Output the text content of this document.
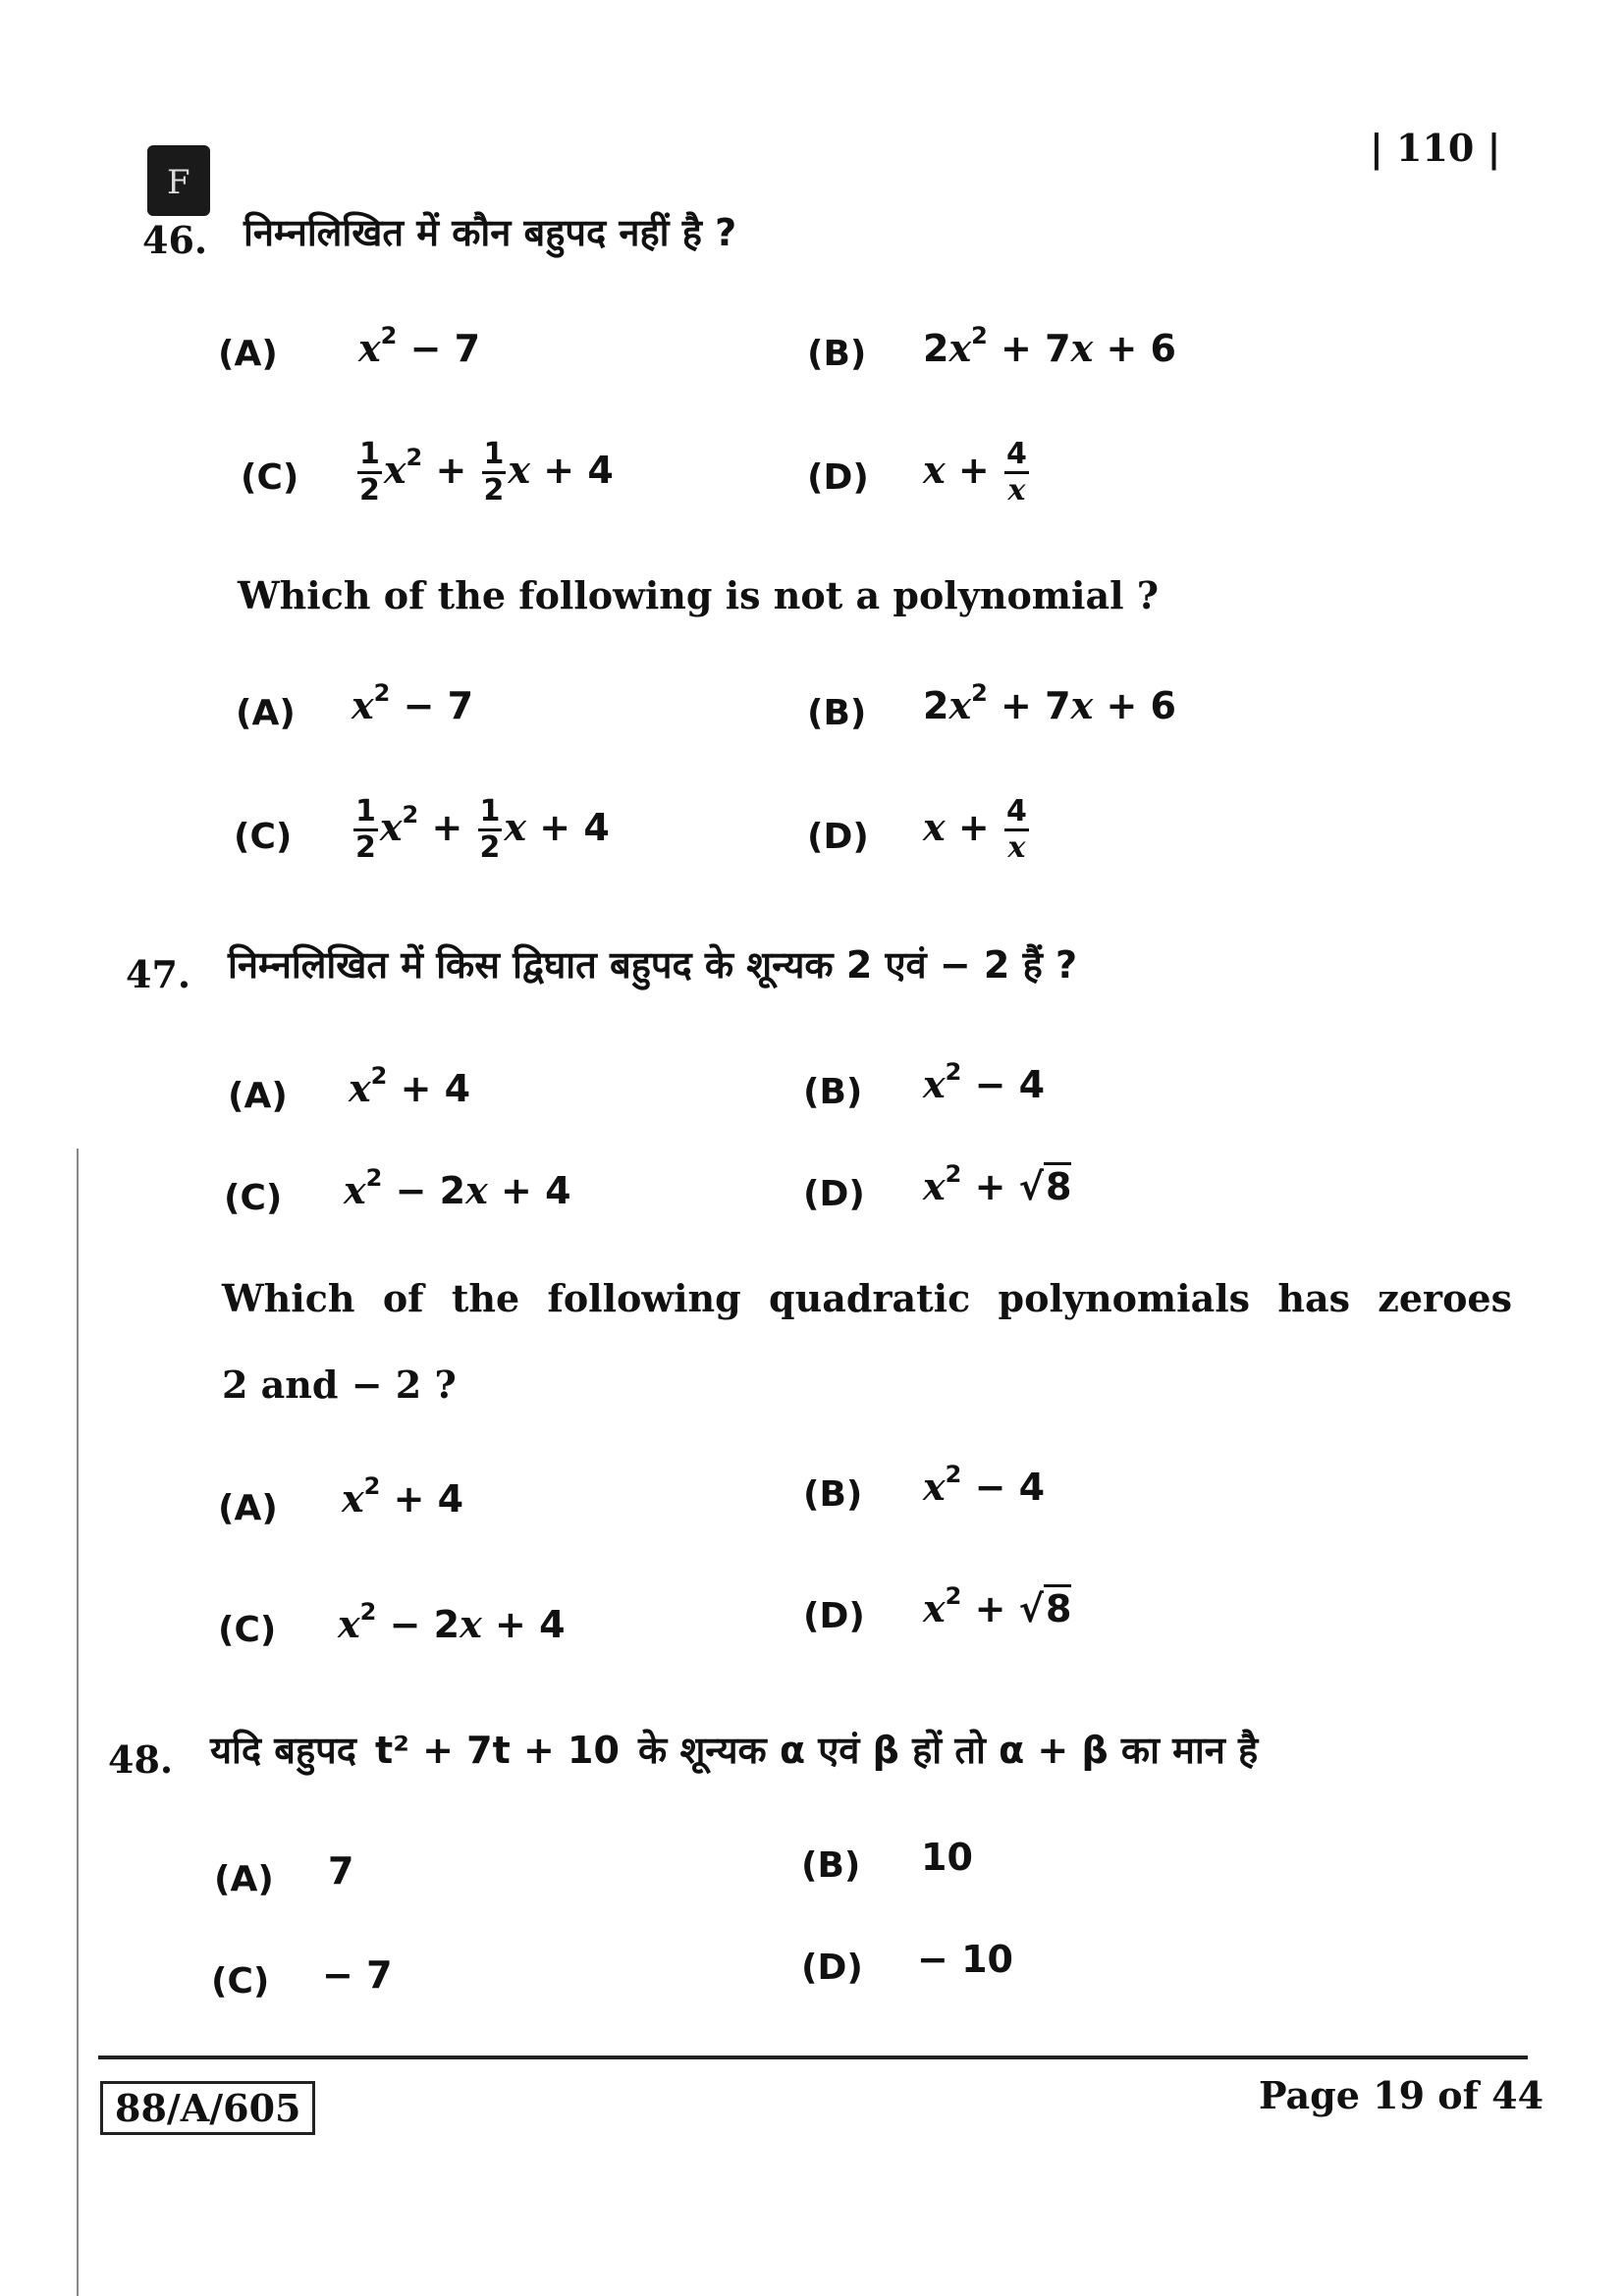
| 110 |
F
46. निम्नलिखित में कौन बहुपद नहीं है ?
(A) $x^2 - 7$	(B) $2x^2 + 7x + 6$
$(C) \frac{1}{2} x^2 + \frac{1}{2}$ x + 4	(D) $x + \frac{4}{x}$
Which of the following is not a polynomial ?
(A) $x^2 - 7$	(B) $2x^2 + 7x + 6$
$(C) \frac{1}{2} x^2 + \frac{1}{2}$ x + 4	(D) $x + \frac{4}{x}$
47. निम्नलिखित में किस द्विघात बहुपद के शून्यक 2 एवं − 2 हैं ?
(A) $x^2 + 4$	(B) $x^2 - 4$
(C) $x^2 - 2x + 4$	(D) $x^2 + √8$
Which of the following quadratic polynomials has zeroes
2 and − 2 ?
(A) $x^2 + 4$	(B) $x^2 - 4$
(C) $x^2 - 2x + 4$	(D) $x^2 + √8$
48. यदि बहुपद t² + 7t + 10 के शून्यक α एवं β हों तो α + β का मान है
(A) 7	(B) 10
(C) − 7	(D) − 10
88/A/605	Page 19 of 44
